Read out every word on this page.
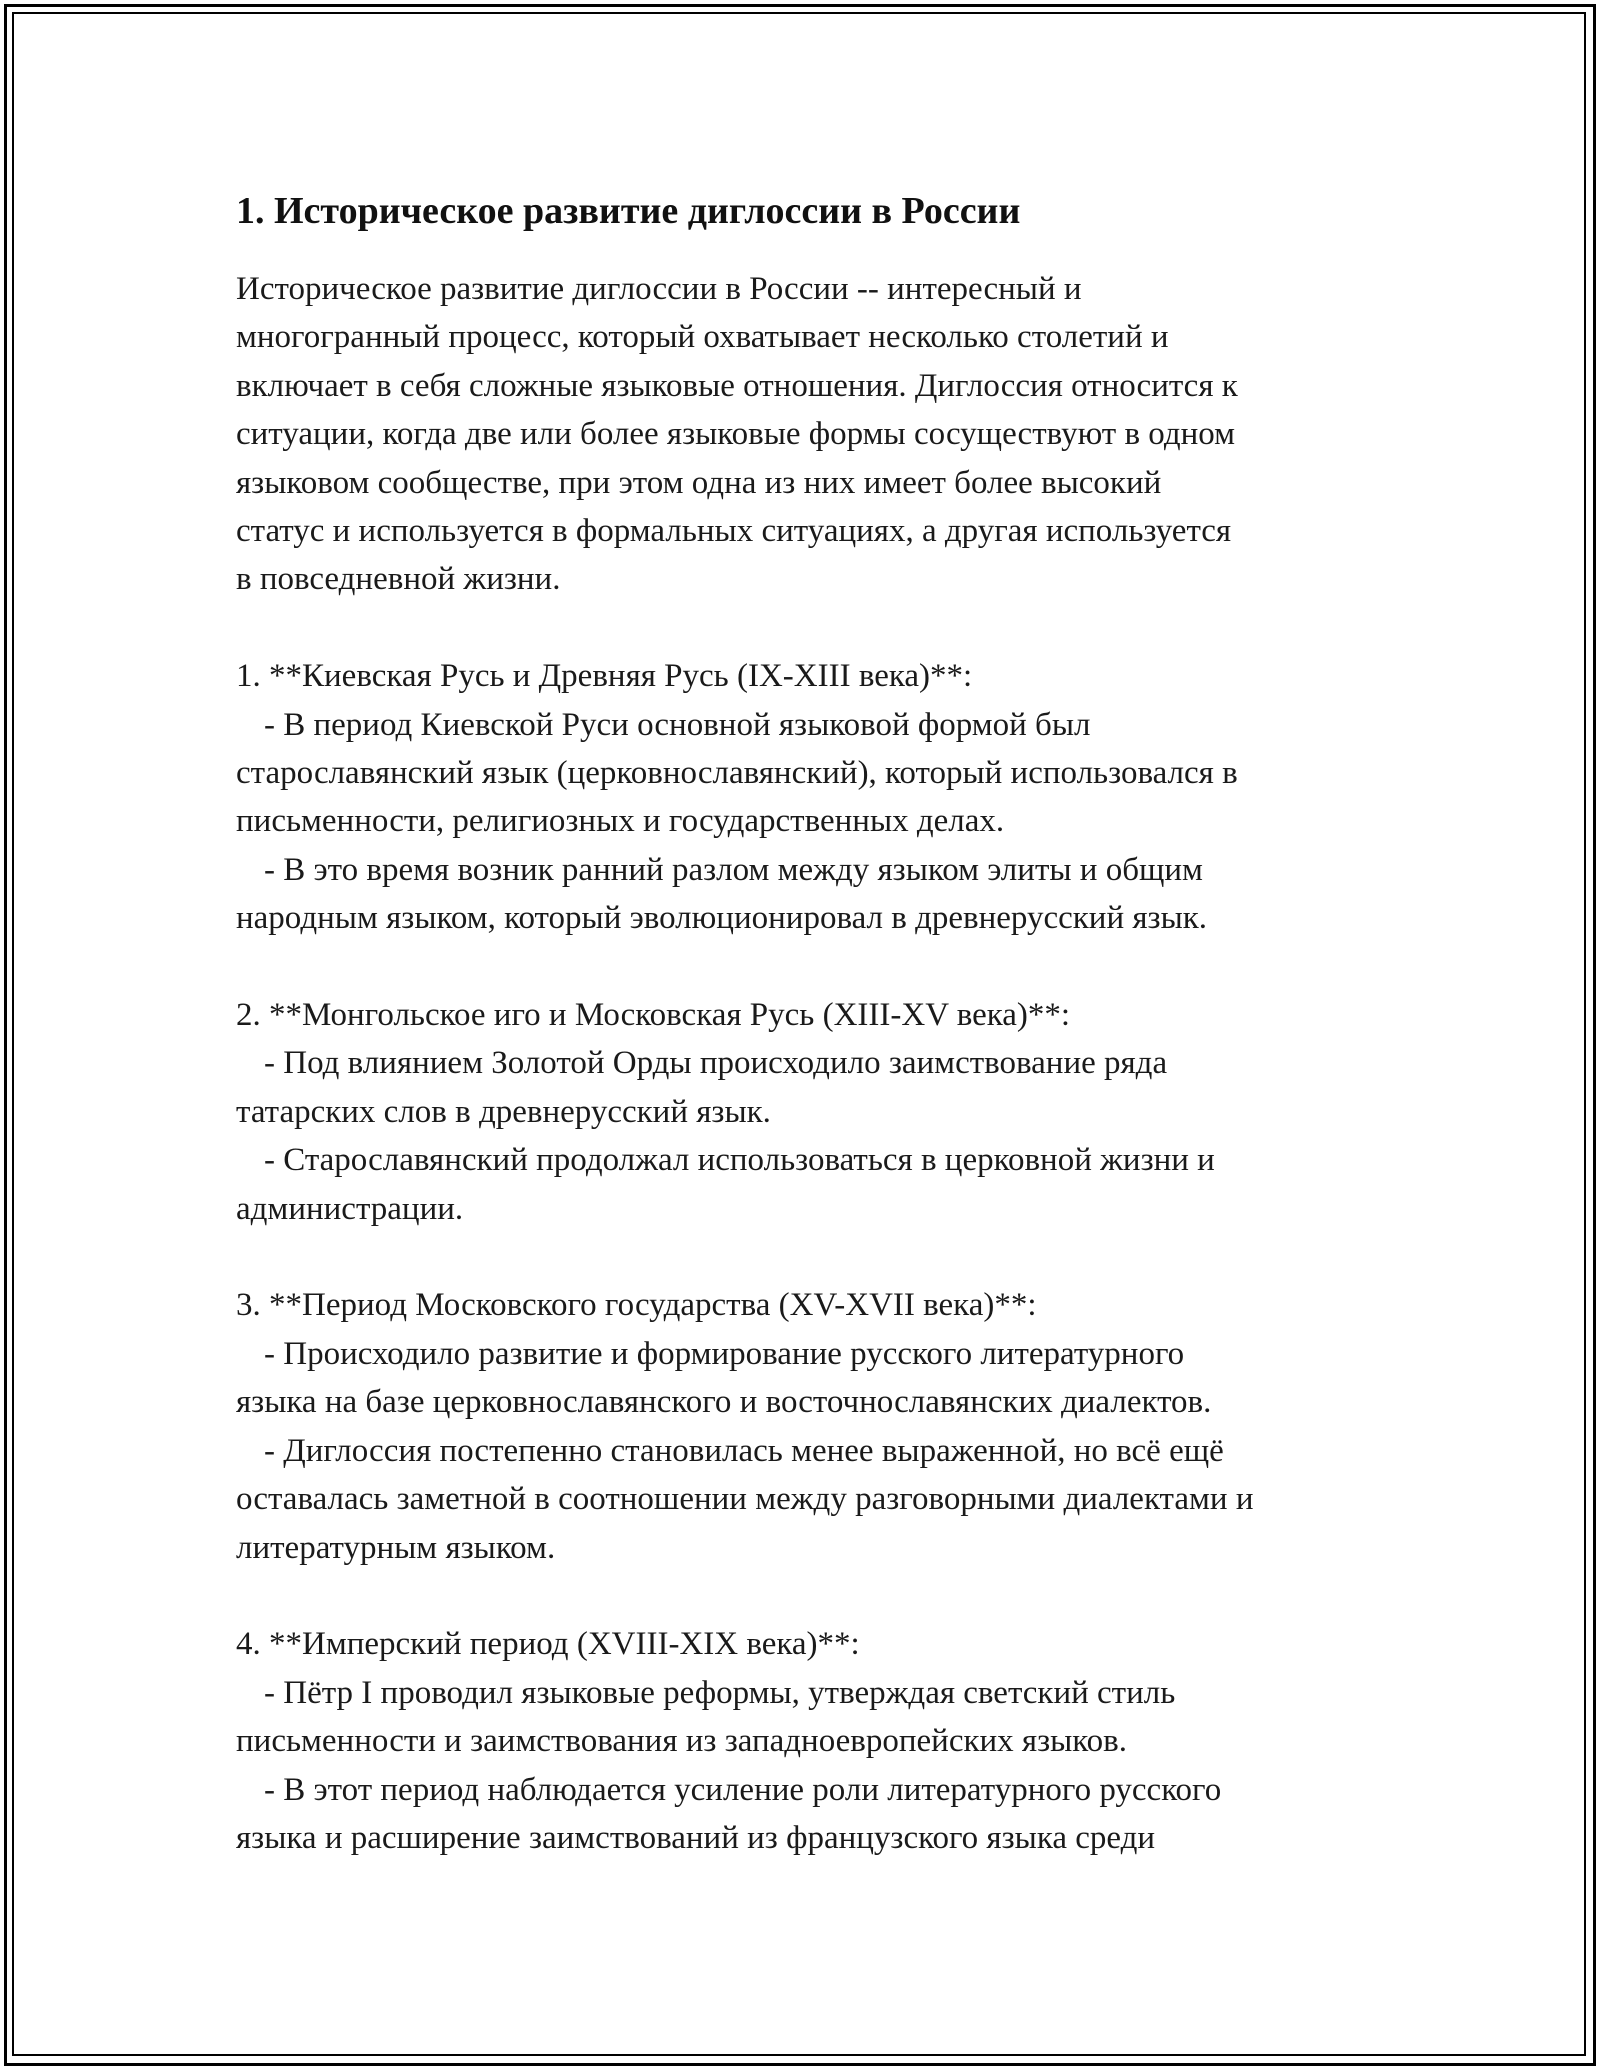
1. Историческое развитие диглоссии в России
Историческое развитие диглоссии в России -- интересный и
многогранный процесс, который охватывает несколько столетий и
включает в себя сложные языковые отношения. Диглоссия относится к
ситуации, когда две или более языковые формы сосуществуют в одном
языковом сообществе, при этом одна из них имеет более высокий
статус и используется в формальных ситуациях, а другая используется
в повседневной жизни.
1. **Киевская Русь и Древняя Русь (IX-XIII века)**:
- В период Киевской Руси основной языковой формой был
старославянский язык (церковнославянский), который использовался в
письменности, религиозных и государственных делах.
- В это время возник ранний разлом между языком элиты и общим
народным языком, который эволюционировал в древнерусский язык.
2. **Монгольское иго и Московская Русь (XIII-XV века)**:
- Под влиянием Золотой Орды происходило заимствование ряда
татарских слов в древнерусский язык.
- Старославянский продолжал использоваться в церковной жизни и
администрации.
3. **Период Московского государства (XV-XVII века)**:
- Происходило развитие и формирование русского литературного
языка на базе церковнославянского и восточнославянских диалектов.
- Диглоссия постепенно становилась менее выраженной, но всё ещё
оставалась заметной в соотношении между разговорными диалектами и
литературным языком.
4. **Имперский период (XVIII-XIX века)**:
- Пётр I проводил языковые реформы, утверждая светский стиль
письменности и заимствования из западноевропейских языков.
- В этот период наблюдается усиление роли литературного русского
языка и расширение заимствований из французского языка среди
